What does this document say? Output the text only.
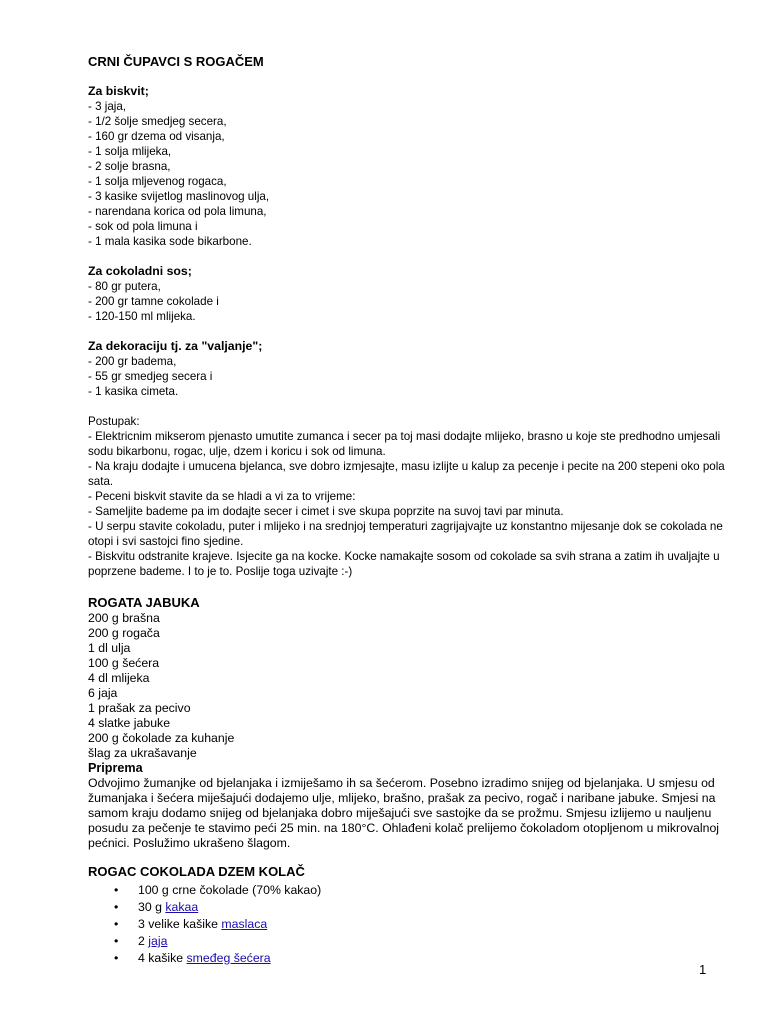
CRNI ČUPAVCI S ROGAČEM
Za biskvit;
- 3 jaja,
- 1/2 šolje smedjeg secera,
- 160 gr dzema od visanja,
- 1 solja mlijeka,
- 2 solje brasna,
- 1 solja mljevenog rogaca,
- 3 kasike svijetlog maslinovog ulja,
- narendana korica od pola limuna,
- sok od pola limuna i
- 1 mala kasika sode bikarbone.
Za cokoladni sos;
- 80 gr putera,
- 200 gr tamne cokolade i
- 120-150 ml mlijeka.
Za dekoraciju tj. za "valjanje";
- 200 gr badema,
- 55 gr smedjeg secera i
- 1 kasika cimeta.
Postupak:
- Elektricnim mikserom pjenasto umutite zumanca i secer pa toj masi dodajte mlijeko, brasno u koje ste predhodno umjesali sodu bikarbonu, rogac, ulje, dzem i koricu i sok od limuna.
- Na kraju dodajte i umucena bjelanca, sve dobro izmjesajte, masu izlijte u kalup za pecenje i pecite na 200 stepeni oko pola sata.
- Peceni biskvit stavite da se hladi a vi za to vrijeme:
- Sameljite bademe pa im dodajte secer i cimet i sve skupa poprzite na suvoj tavi par minuta.
- U serpu stavite cokoladu, puter i mlijeko i na srednjoj temperaturi zagrijajvajte uz konstantno mijesanje dok se cokolada ne otopi i svi sastojci fino sjedine.
- Biskvitu odstranite krajeve. Isjecite ga na kocke. Kocke namakajte sosom od cokolade sa svih strana a zatim ih uvaljajte u poprzene bademe. I to je to. Poslije toga uzivajte :-)
ROGATA JABUKA
200 g brašna
200 g rogača
1 dl ulja
100 g šećera
4 dl mlijeka
6 jaja
1 prašak za pecivo
4 slatke jabuke
200 g čokolade za kuhanje
šlag za ukrašavanje
Priprema
Odvojimo žumanjke od bjelanjaka i izmiješamo ih sa šećerom. Posebno izradimo snijeg od bjelanjaka. U smjesu od žumanjaka i šećera miješajući dodajemo ulje, mlijeko, brašno, prašak za pecivo, rogač i naribane jabuke. Smjesi na samom kraju dodamo snijeg od bjelanjaka dobro miješajući sve sastojke da se prožmu. Smjesu izlijemo u nauljenu posudu za pečenje te stavimo peći 25 min. na 180°C. Ohlađeni kolač prelijemo čokoladom otopljenom u mikrovalnoj pećnici. Poslužimo ukrašeno šlagom.
ROGAC COKOLADA DZEM KOLAČ
• 100 g crne čokolade (70% kakao)
• 30 g kakaa
• 3 velike kašike maslaca
• 2 jaja
• 4 kašike smeđeg šećera
1
